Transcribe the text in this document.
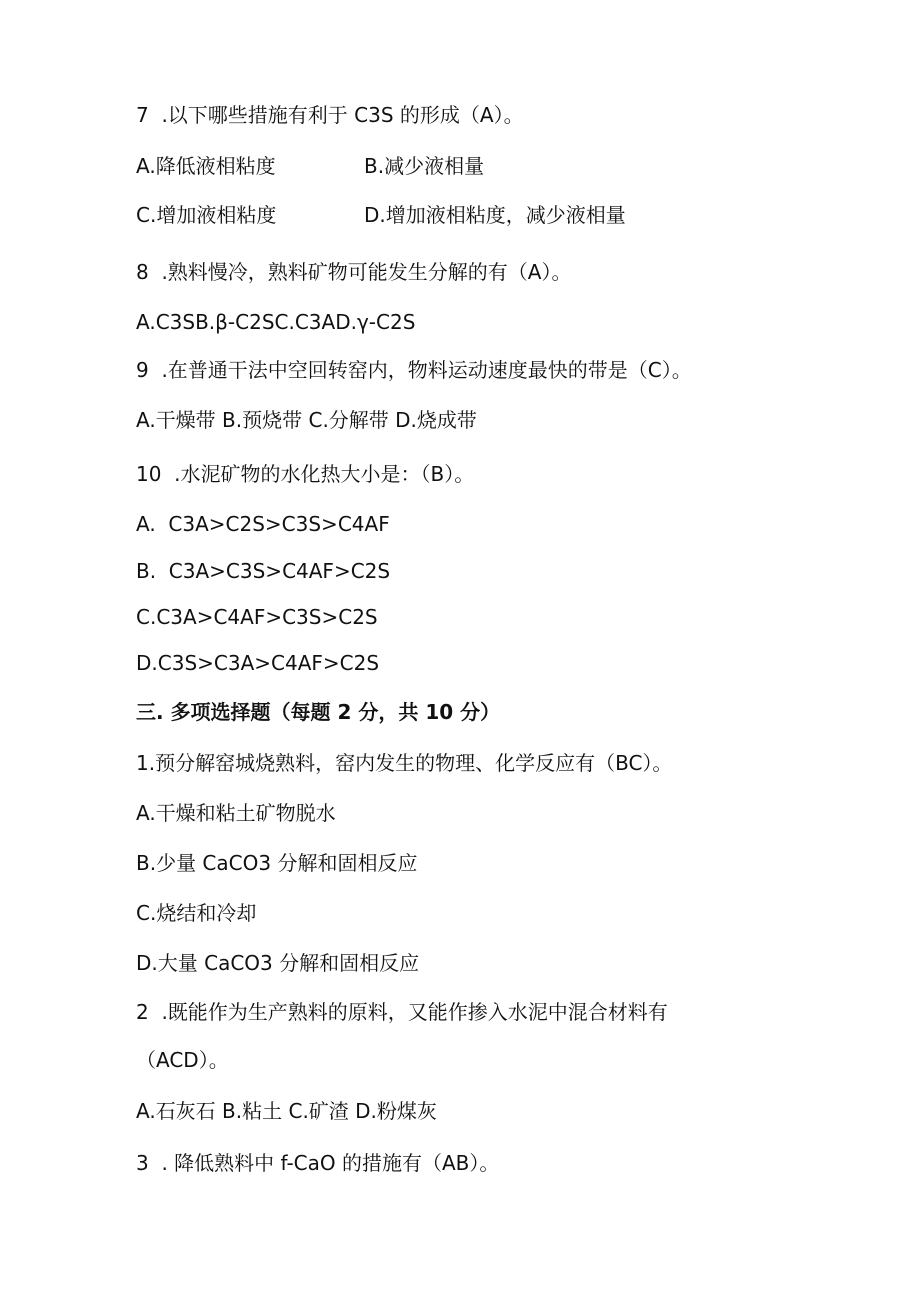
7  .以下哪些措施有利于 C3S 的形成（A）。
A.降低液相粘度	B.减少液相量
C.增加液相粘度	D.增加液相粘度，减少液相量
8  .熟料慢冷，熟料矿物可能发生分解的有（A）。
A.C3SB.β-C2SC.C3AD.γ-C2S
9  .在普通干法中空回转窑内，物料运动速度最快的带是（C）。
A.干燥带 B.预烧带 C.分解带 D.烧成带
10  .水泥矿物的水化热大小是：（B）。
A.  C3A>C2S>C3S>C4AF
B.  C3A>C3S>C4AF>C2S
C.C3A>C4AF>C3S>C2S
D.C3S>C3A>C4AF>C2S
三. 多项选择题（每题 2 分，共 10 分）
1.预分解窑城烧熟料，窑内发生的物理、化学反应有（BC）。
A.干燥和粘土矿物脱水
B.少量 CaCO3 分解和固相反应
C.烧结和冷却
D.大量 CaCO3 分解和固相反应
2  .既能作为生产熟料的原料，又能作掺入水泥中混合材料有
（ACD）。
A.石灰石 B.粘土 C.矿渣 D.粉煤灰
3  . 降低熟料中 f-CaO 的措施有（AB）。
